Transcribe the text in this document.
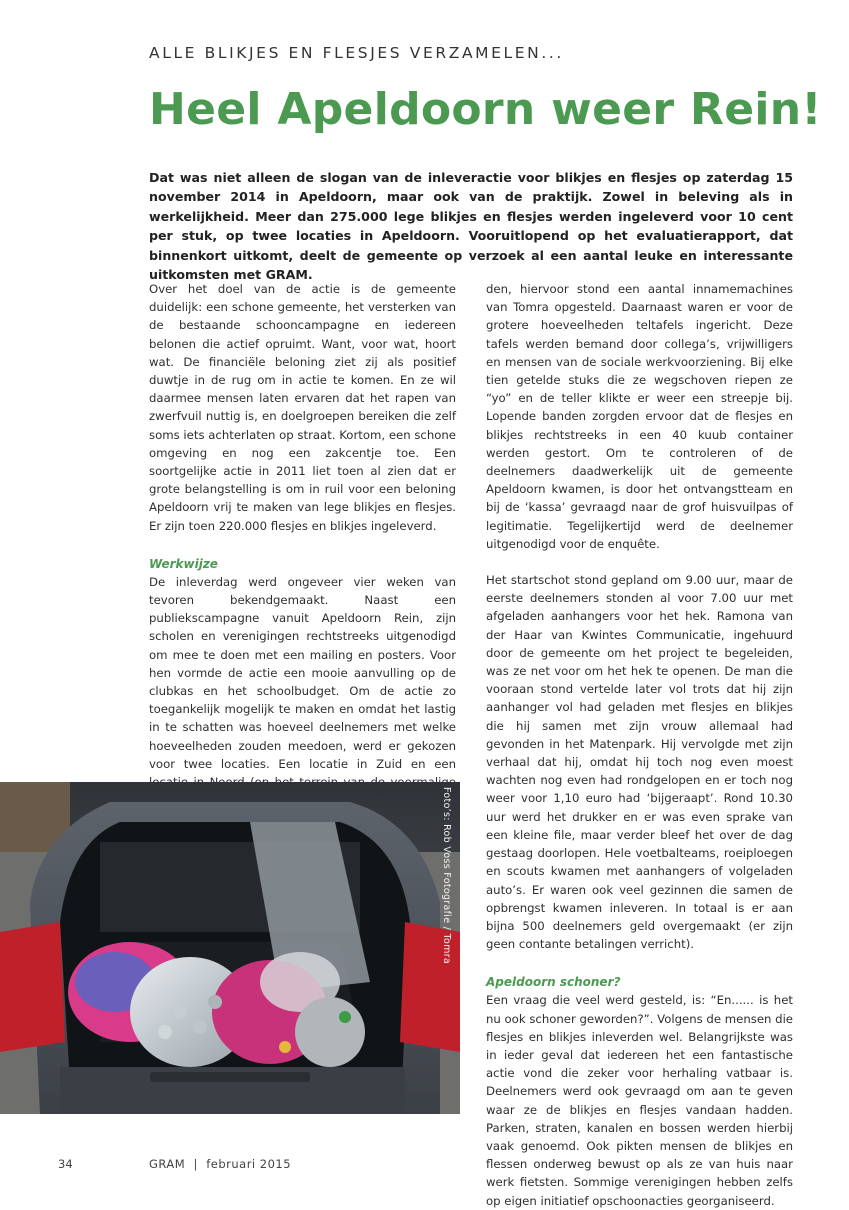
ALLE BLIKJES EN FLESJES VERZAMELEN...
Heel Apeldoorn weer Rein!
Dat was niet alleen de slogan van de inleveractie voor blikjes en flesjes op zaterdag 15 november 2014 in Apeldoorn, maar ook van de praktijk. Zowel in beleving als in werkelijkheid. Meer dan 275.000 lege blikjes en flesjes werden ingeleverd voor 10 cent per stuk, op twee locaties in Apeldoorn. Vooruitlopend op het evaluatierapport, dat binnenkort uitkomt, deelt de gemeente op verzoek al een aantal leuke en interessante uitkomsten met GRAM.

Over het doel van de actie is de gemeente duidelijk: een schone gemeente, het versterken van de bestaande schooncampagne en iedereen belonen die actief opruimt. Want, voor wat, hoort wat. De financiële beloning ziet zij als positief duwtje in de rug om in actie te komen. En ze wil daarmee mensen laten ervaren dat het rapen van zwerfvuil nuttig is, en doelgroepen bereiken die zelf soms iets achterlaten op straat. Kortom, een schone omgeving en nog een zakcentje toe. Een soortgelijke actie in 2011 liet toen al zien dat er grote belangstelling is om in ruil voor een beloning Apeldoorn vrij te maken van lege blikjes en flesjes. Er zijn toen 220.000 flesjes en blikjes ingeleverd.

Werkwijze

De inleverdag werd ongeveer vier weken van tevoren bekendgemaakt. Naast een publiekscampagne vanuit Apeldoorn Rein, zijn scholen en verenigingen rechtstreeks uitgenodigd om mee te doen met een mailing en posters. Voor hen vormde de actie een mooie aanvulling op de clubkas en het schoolbudget. Om de actie zo toegankelijk mogelijk te maken en omdat het lastig in te schatten was hoeveel deelnemers met welke hoeveelheden zouden meedoen, werd er gekozen voor twee locaties. Een locatie in Zuid en een

den, hiervoor stond een aantal innamemachines van Tomra opgesteld. Daarnaast waren er voor de grotere hoeveelheden teltafels ingericht. Deze tafels werden bemand door collega’s, vrijwilligers en mensen van de sociale werkvoorziening. Bij elke tien getelde stuks die ze wegschoven riepen ze “yo” en de teller klikte er weer een streepje bij. Lopende banden zorgden ervoor dat de flesjes en blikjes rechtstreeks in een 40 kuub container werden gestort. Om te controleren of de deelnemers daadwerkelijk uit de gemeente Apeldoorn kwamen, is door het ontvangstteam en bij de ‘kassa’ gevraagd naar de grof huisvuilpas of legitimatie. Tegelijkertijd werd de deelnemer uitgenodigd voor de enquête.

Het startschot stond gepland om 9.00 uur, maar de eerste deelnemers stonden al voor 7.00 uur met afgeladen aanhangers voor het hek. Ramona van der Haar van Kwintes Communicatie, ingehuurd door de gemeente om het project te begeleiden, was ze net voor om het hek te openen. De man die vooraan stond vertelde later vol trots dat hij zijn aanhanger vol had geladen met flesjes en blikjes die hij samen met zijn vrouw allemaal had gevonden in het Matenpark. Hij vervolgde met zijn verhaal dat hij, omdat hij toch nog even moest wachten nog even had rondgelopen en er toch nog weer voor 1,10 euro had ‘bijgeraapt’. Rond 10.30 uur werd het drukker en er was even sprake van een kleine file, maar verder bleef het over de dag gestaag doorlopen. Hele voetbalteams, roeiploegen en scouts kwamen met aanhangers of volgeladen auto’s. Er waren ook veel gezinnen die samen de opbrengst kwamen inleveren. In totaal is er aan bijna 500 deelnemers geld overgemaakt (er zijn geen contante betalingen verricht).

Apeldoorn schoner?

Een vraag die veel werd gesteld, is: “En...... is het nu ook schoner geworden?”. Volgens de mensen die flesjes en blikjes inleverden wel. Belangrijkste was in ieder geval dat iedereen het een fantastische actie vond die zeker voor herhaling vatbaar is. Deelnemers werd ook gevraagd om aan te geven waar ze de blikjes en flesjes vandaan hadden. Parken, straten, kanalen en bossen werden hierbij vaak genoemd. Ook pikten mensen de blikjes en flessen onderweg bewust op als ze van huis naar werk fietsten. Sommige verenigingen hebben zelfs op eigen initiatief opschoonacties georganiseerd.

Foto’s: Rob Voss Fotografie / Tomra
34	GRAM  |  februari 2015
